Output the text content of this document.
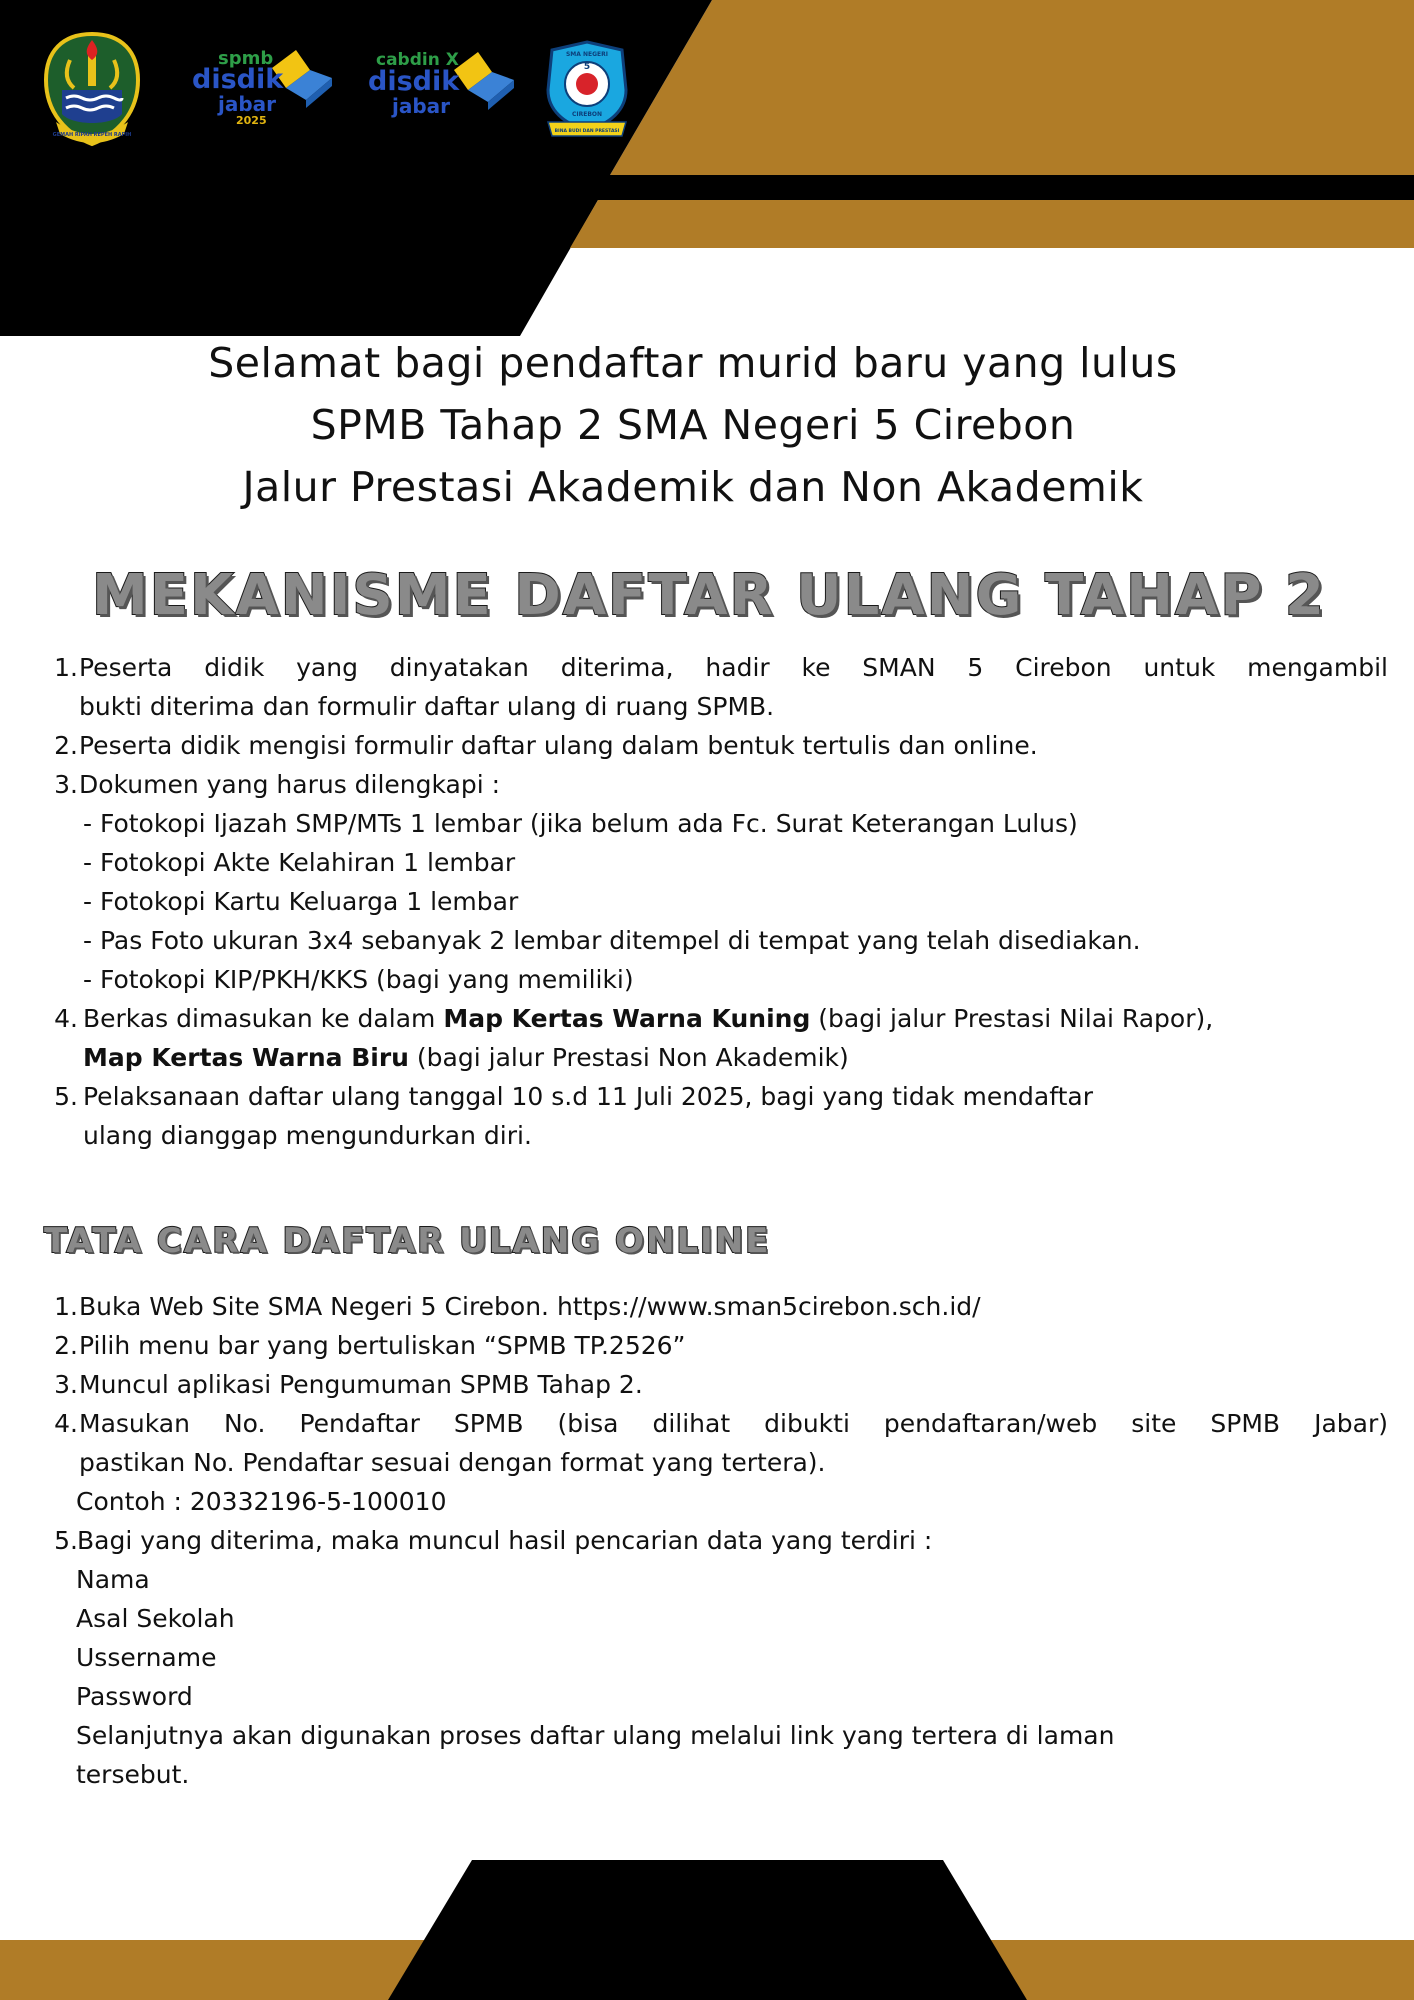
GEMAH RIPAH REPEH RAPIH
spmb
disdik
jabar
2025
cabdin X
disdik
jabar
SMA NEGERI
5
CIREBON
BINA BUDI DAN PRESTASI
Selamat bagi pendaftar murid baru yang lulus
SPMB Tahap 2 SMA Negeri 5 Cirebon
Jalur Prestasi Akademik dan Non Akademik
MEKANISME DAFTAR ULANG TAHAP 2
1. Peserta didik yang dinyatakan diterima, hadir ke SMAN 5 Cirebon untuk mengambil
bukti diterima dan formulir daftar ulang di ruang SPMB.
2. Peserta didik mengisi formulir daftar ulang dalam bentuk tertulis dan online.
3. Dokumen yang harus dilengkapi :
- Fotokopi Ijazah SMP/MTs 1 lembar (jika belum ada Fc. Surat Keterangan Lulus)
- Fotokopi Akte Kelahiran 1 lembar
- Fotokopi Kartu Keluarga 1 lembar
- Pas Foto ukuran 3x4 sebanyak 2 lembar ditempel di tempat yang telah disediakan.
- Fotokopi KIP/PKH/KKS (bagi yang memiliki)
4. Berkas dimasukan ke dalam Map Kertas Warna Kuning (bagi jalur Prestasi Nilai Rapor),
Map Kertas Warna Biru (bagi jalur Prestasi Non Akademik)
5. Pelaksanaan daftar ulang tanggal 10 s.d 11 Juli 2025, bagi yang tidak mendaftar
ulang dianggap mengundurkan diri.
TATA CARA DAFTAR ULANG ONLINE
1. Buka Web Site SMA Negeri 5 Cirebon. https://www.sman5cirebon.sch.id/
2. Pilih menu bar yang bertuliskan “SPMB TP.2526”
3. Muncul aplikasi Pengumuman SPMB Tahap 2.
4. Masukan No. Pendaftar SPMB (bisa dilihat dibukti pendaftaran/web site SPMB Jabar)
pastikan No. Pendaftar sesuai dengan format yang tertera).
Contoh : 20332196-5-100010
5. Bagi yang diterima, maka muncul hasil pencarian data yang terdiri :
Nama
Asal Sekolah
Ussername
Password
Selanjutnya akan digunakan proses daftar ulang melalui link yang tertera di laman
tersebut.
